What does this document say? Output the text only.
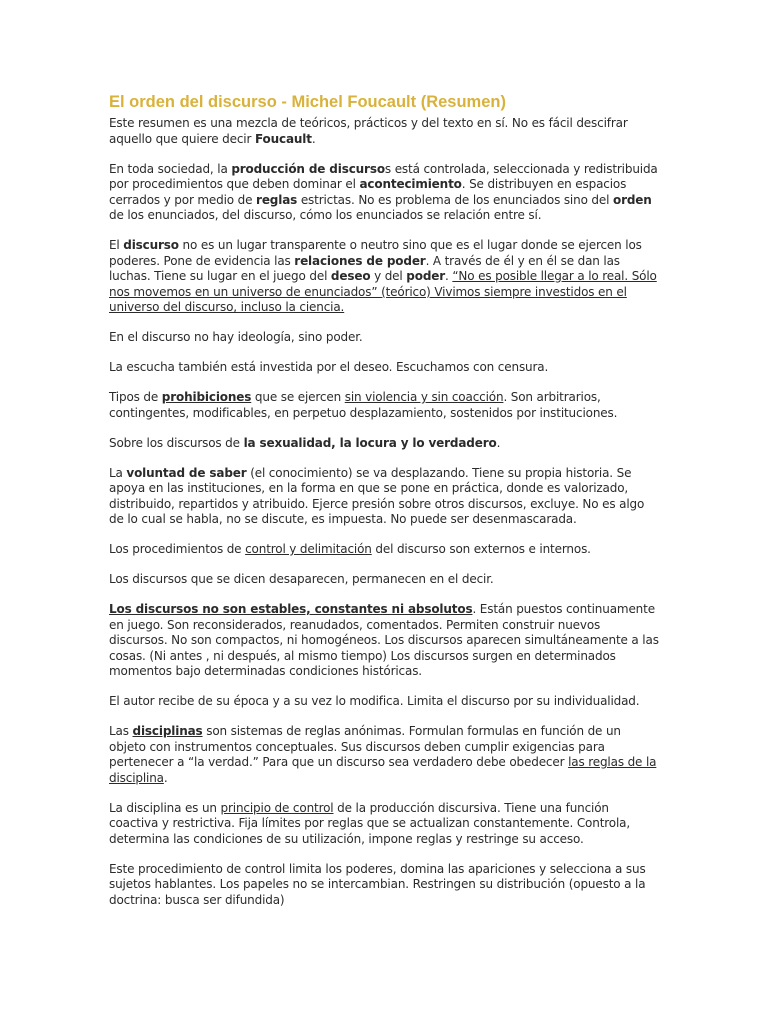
El orden del discurso - Michel Foucault (Resumen)

Este resumen es una mezcla de teóricos, prácticos y del texto en sí. No es fácil descifrar aquello que quiere decir Foucault.

En toda sociedad, la producción de discursos está controlada, seleccionada y redistribuida por procedimientos que deben dominar el acontecimiento. Se distribuyen en espacios cerrados y por medio de reglas estrictas. No es problema de los enunciados sino del orden de los enunciados, del discurso, cómo los enunciados se relación entre sí.

El discurso no es un lugar transparente o neutro sino que es el lugar donde se ejercen los poderes. Pone de evidencia las relaciones de poder. A través de él y en él se dan las luchas. Tiene su lugar en el juego del deseo y del poder. “No es posible llegar a lo real. Sólo nos movemos en un universo de enunciados” (teórico) Vivimos siempre investidos en el universo del discurso, incluso la ciencia.

En el discurso no hay ideología, sino poder.

La escucha también está investida por el deseo. Escuchamos con censura.

Tipos de prohibiciones que se ejercen sin violencia y sin coacción. Son arbitrarios, contingentes, modificables, en perpetuo desplazamiento, sostenidos por instituciones.

Sobre los discursos de la sexualidad, la locura y lo verdadero.

La voluntad de saber (el conocimiento) se va desplazando. Tiene su propia historia. Se apoya en las instituciones, en la forma en que se pone en práctica, donde es valorizado, distribuido, repartidos y atribuido. Ejerce presión sobre otros discursos, excluye. No es algo de lo cual se habla, no se discute, es impuesta. No puede ser desenmascarada.

Los procedimientos de control y delimitación del discurso son externos e internos.

Los discursos que se dicen desaparecen, permanecen en el decir.

Los discursos no son estables, constantes ni absolutos. Están puestos continuamente en juego. Son reconsiderados, reanudados, comentados. Permiten construir nuevos discursos. No son compactos, ni homogéneos. Los discursos aparecen simultáneamente a las cosas. (Ni antes , ni después, al mismo tiempo) Los discursos surgen en determinados momentos bajo determinadas condiciones históricas.

El autor recibe de su época y a su vez lo modifica. Limita el discurso por su individualidad.

Las disciplinas son sistemas de reglas anónimas. Formulan formulas en función de un objeto con instrumentos conceptuales. Sus discursos deben cumplir exigencias para pertenecer a “la verdad.” Para que un discurso sea verdadero debe obedecer las reglas de la disciplina.

La disciplina es un principio de control de la producción discursiva. Tiene una función coactiva y restrictiva. Fija límites por reglas que se actualizan constantemente. Controla, determina las condiciones de su utilización, impone reglas y restringe su acceso.

Este procedimiento de control limita los poderes, domina las apariciones y selecciona a sus sujetos hablantes. Los papeles no se intercambian. Restringen su distribución (opuesto a la doctrina: busca ser difundida)
